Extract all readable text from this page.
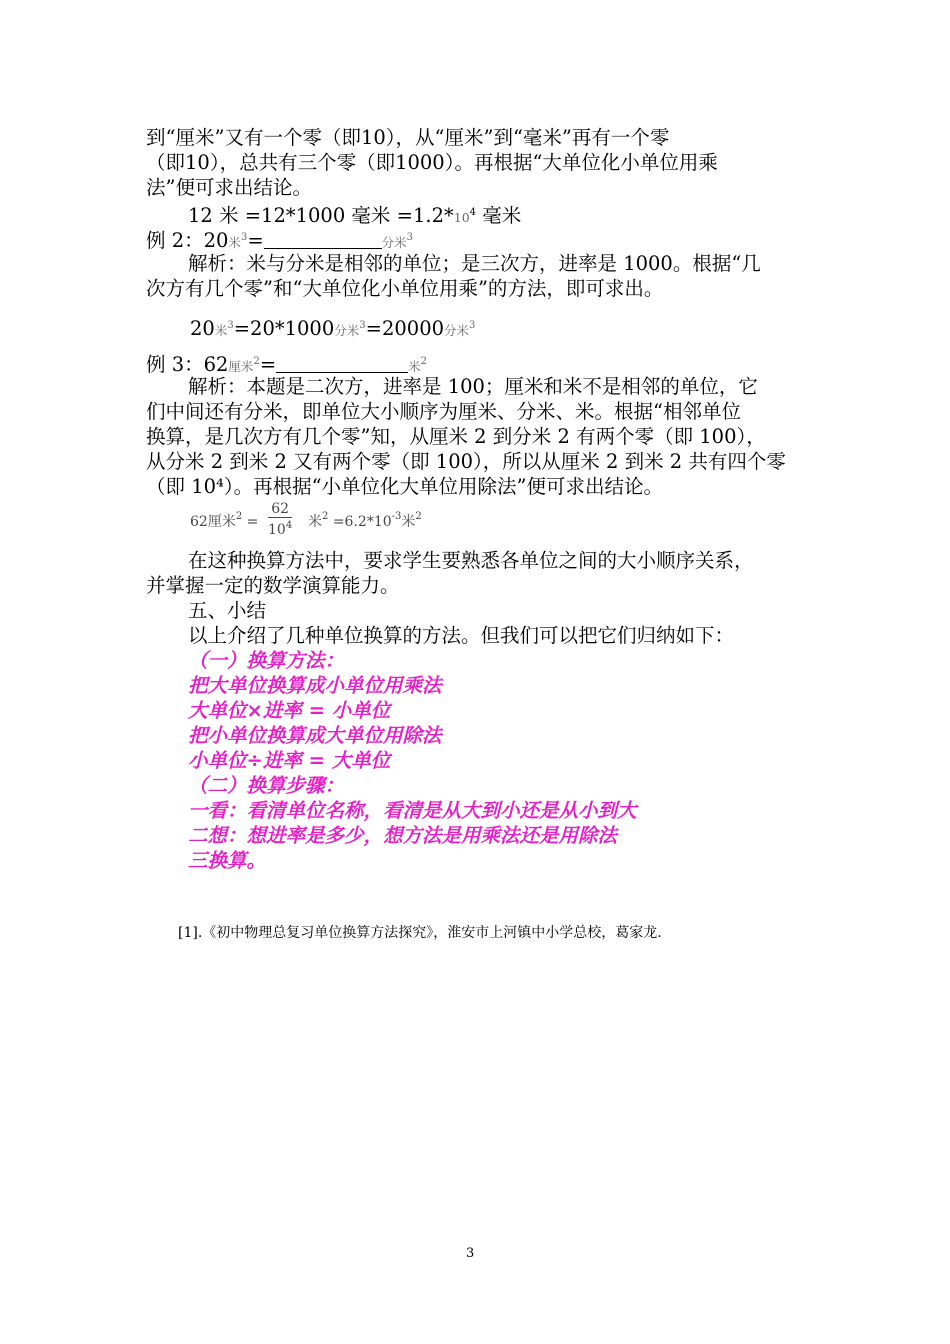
到“厘米”又有一个零（即10），从“厘米”到“毫米”再有一个零
（即10），总共有三个零（即1000）。再根据“大单位化小单位用乘
法”便可求出结论。
12 米 =12*1000 毫米 $=1.2*10^4$ 毫米
例 2：20米$^3$=	分米$^3$
解析：米与分米是相邻的单位；是三次方，进率是 1000。根据“几
次方有几个零”和“大单位化小单位用乘”的方法，即可求出。
20米$^3$=20*1000分米$^3$=20000分米$^3$
例 3：62厘米$^2$=	米$^2$
解析：本题是二次方，进率是 100；厘米和米不是相邻的单位，它
们中间还有分米，即单位大小顺序为厘米、分米、米。根据“相邻单位
换算，是几次方有几个零”知，从厘米 2 到分米 2 有两个零（即 100），
从分米 2 到米 2 又有两个零（即 100），所以从厘米 2 到米 2 共有四个零
（即 10⁴）。再根据“小单位化大单位用除法”便可求出结论。
62厘米$^2$ =
62
$10^4$ 米$^2 =6.2*10^{-3}$米$^2$
在这种换算方法中，要求学生要熟悉各单位之间的大小顺序关系，
并掌握一定的数学演算能力。
五、小结
以上介绍了几种单位换算的方法。但我们可以把它们归纳如下：
（一）换算方法：
把大单位换算成小单位用乘法
大单位×进率 = 小单位
把小单位换算成大单位用除法
小单位÷进率 = 大单位
（二）换算步骤：
一看：看清单位名称，看清是从大到小还是从小到大
二想：想进率是多少，想方法是用乘法还是用除法
三换算。
[1].《初中物理总复习单位换算方法探究》，淮安市上河镇中小学总校，葛家龙.
3
